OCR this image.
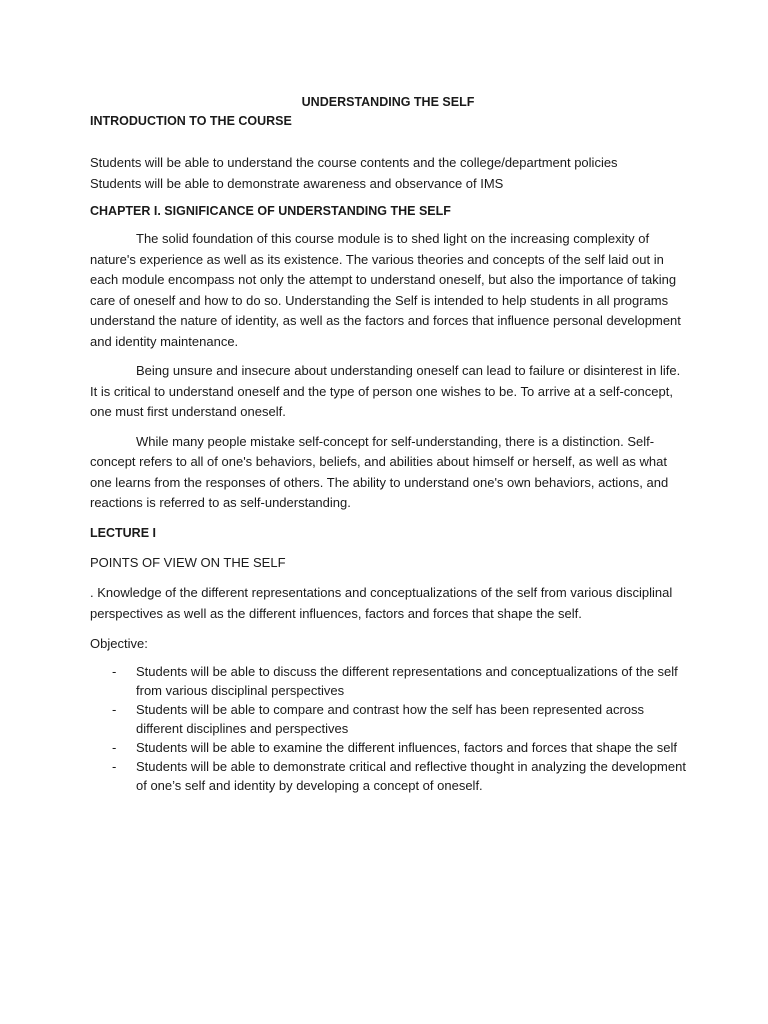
UNDERSTANDING THE SELF
INTRODUCTION TO THE COURSE
Students will be able to understand the course contents and the college/department policies
Students will be able to demonstrate awareness and observance of IMS
CHAPTER I. SIGNIFICANCE OF UNDERSTANDING THE SELF

The solid foundation of this course module is to shed light on the increasing complexity of nature's experience as well as its existence. The various theories and concepts of the self laid out in each module encompass not only the attempt to understand oneself, but also the importance of taking care of oneself and how to do so. Understanding the Self is intended to help students in all programs understand the nature of identity, as well as the factors and forces that influence personal development and identity maintenance.

Being unsure and insecure about understanding oneself can lead to failure or disinterest in life. It is critical to understand oneself and the type of person one wishes to be. To arrive at a self-concept, one must first understand oneself.

While many people mistake self-concept for self-understanding, there is a distinction. Self-concept refers to all of one's behaviors, beliefs, and abilities about himself or herself, as well as what one learns from the responses of others. The ability to understand one's own behaviors, actions, and reactions is referred to as self-understanding.

LECTURE I

POINTS OF VIEW ON THE SELF

. Knowledge of the different representations and conceptualizations of the self from various disciplinal perspectives as well as the different influences, factors and forces that shape the self.

Objective:

- Students will be able to discuss the different representations and conceptualizations of the self from various disciplinal perspectives
- Students will be able to compare and contrast how the self has been represented across different disciplines and perspectives
- Students will be able to examine the different influences, factors and forces that shape the self
- Students will be able to demonstrate critical and reflective thought in analyzing the development of one’s self and identity by developing a concept of oneself.
